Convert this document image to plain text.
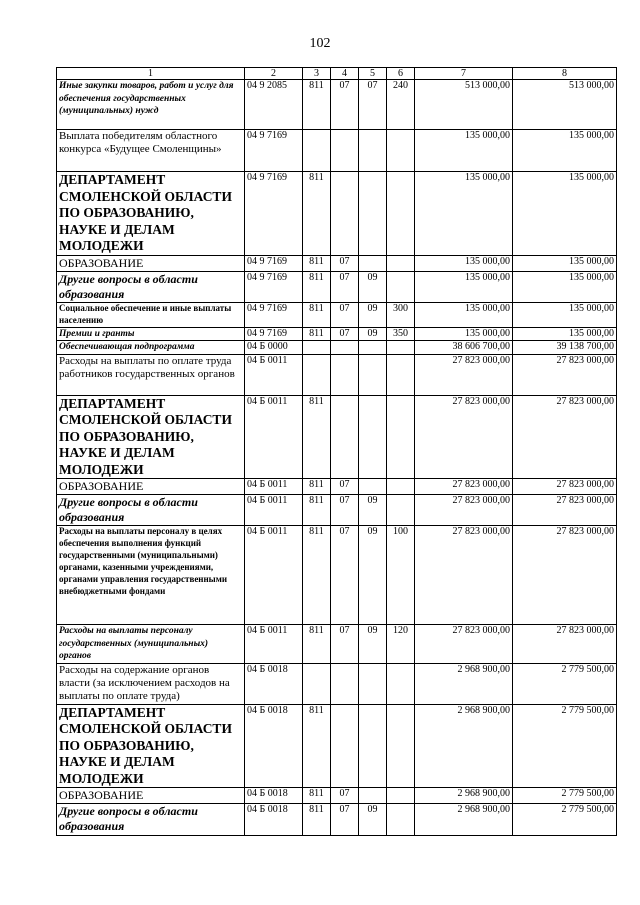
102
1	2	3	4	5	6	7	8
Иные закупки товаров, работ и услуг для обеспечения государственных (муниципальных) нужд	04 9 2085	811	07	07	240	513 000,00	513 000,00
Выплата победителям областного конкурса «Будущее Смоленщины»	04 9 7169					135 000,00	135 000,00
ДЕПАРТАМЕНТ СМОЛЕНСКОЙ ОБЛАСТИ ПО ОБРАЗОВАНИЮ, НАУКЕ И ДЕЛАМ МОЛОДЕЖИ	04 9 7169	811				135 000,00	135 000,00
ОБРАЗОВАНИЕ	04 9 7169	811	07			135 000,00	135 000,00
Другие вопросы в области образования	04 9 7169	811	07	09		135 000,00	135 000,00
Социальное обеспечение и иные выплаты населению	04 9 7169	811	07	09	300	135 000,00	135 000,00
Премии и гранты	04 9 7169	811	07	09	350	135 000,00	135 000,00
Обеспечивающая подпрограмма	04 Б 0000					38 606 700,00	39 138 700,00
Расходы на выплаты по оплате труда работников государственных органов	04 Б 0011					27 823 000,00	27 823 000,00
ДЕПАРТАМЕНТ СМОЛЕНСКОЙ ОБЛАСТИ ПО ОБРАЗОВАНИЮ, НАУКЕ И ДЕЛАМ МОЛОДЕЖИ	04 Б 0011	811				27 823 000,00	27 823 000,00
ОБРАЗОВАНИЕ	04 Б 0011	811	07			27 823 000,00	27 823 000,00
Другие вопросы в области образования	04 Б 0011	811	07	09		27 823 000,00	27 823 000,00
Расходы на выплаты персоналу в целях обеспечения выполнения функций государственными (муниципальными) органами, казенными учреждениями, органами управления государственными внебюджетными фондами	04 Б 0011	811	07	09	100	27 823 000,00	27 823 000,00
Расходы на выплаты персоналу государственных (муниципальных) органов	04 Б 0011	811	07	09	120	27 823 000,00	27 823 000,00
Расходы на содержание органов власти (за исключением расходов на выплаты по оплате труда)	04 Б 0018					2 968 900,00	2 779 500,00
ДЕПАРТАМЕНТ СМОЛЕНСКОЙ ОБЛАСТИ ПО ОБРАЗОВАНИЮ, НАУКЕ И ДЕЛАМ МОЛОДЕЖИ	04 Б 0018	811				2 968 900,00	2 779 500,00
ОБРАЗОВАНИЕ	04 Б 0018	811	07			2 968 900,00	2 779 500,00
Другие вопросы в области образования	04 Б 0018	811	07	09		2 968 900,00	2 779 500,00
